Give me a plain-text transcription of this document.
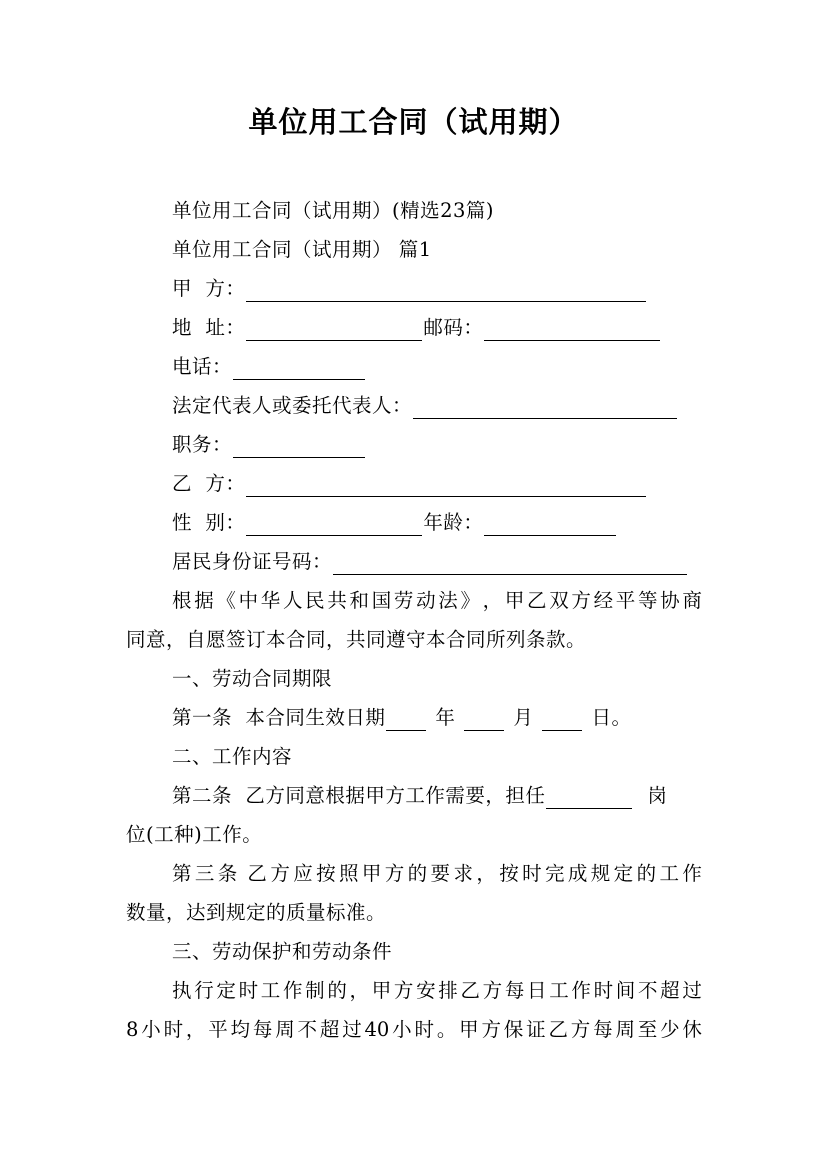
单位用工合同（试用期）
单位用工合同（试用期）(精选23篇)
单位用工合同（试用期） 篇1
甲  方：
地  址：	邮码：
电话：
法定代表人或委托代表人：
职务：
乙  方：
性  别：	年龄：
居民身份证号码：
根 据 《 中 华 人 民 共 和 国 劳 动 法 》 ， 甲 乙 双 方 经 平 等 协 商
同意，自愿签订本合同，共同遵守本合同所列条款。
一、劳动合同期限
第一条  本合同生效日期	年	月	日。
二、工作内容
第二条  乙方同意根据甲方工作需要，担任	岗
位(工种)工作。
第 三 条 乙 方 应 按 照 甲 方 的 要 求 ， 按 时 完 成 规 定 的 工 作
数量，达到规定的质量标准。
三、劳动保护和劳动条件
执 行 定 时 工 作 制 的 ， 甲 方 安 排 乙 方 每 日 工 作 时 间 不 超 过
8 小 时 ， 平 均 每 周 不 超 过 40 小 时 。 甲 方 保 证 乙 方 每 周 至 少 休
